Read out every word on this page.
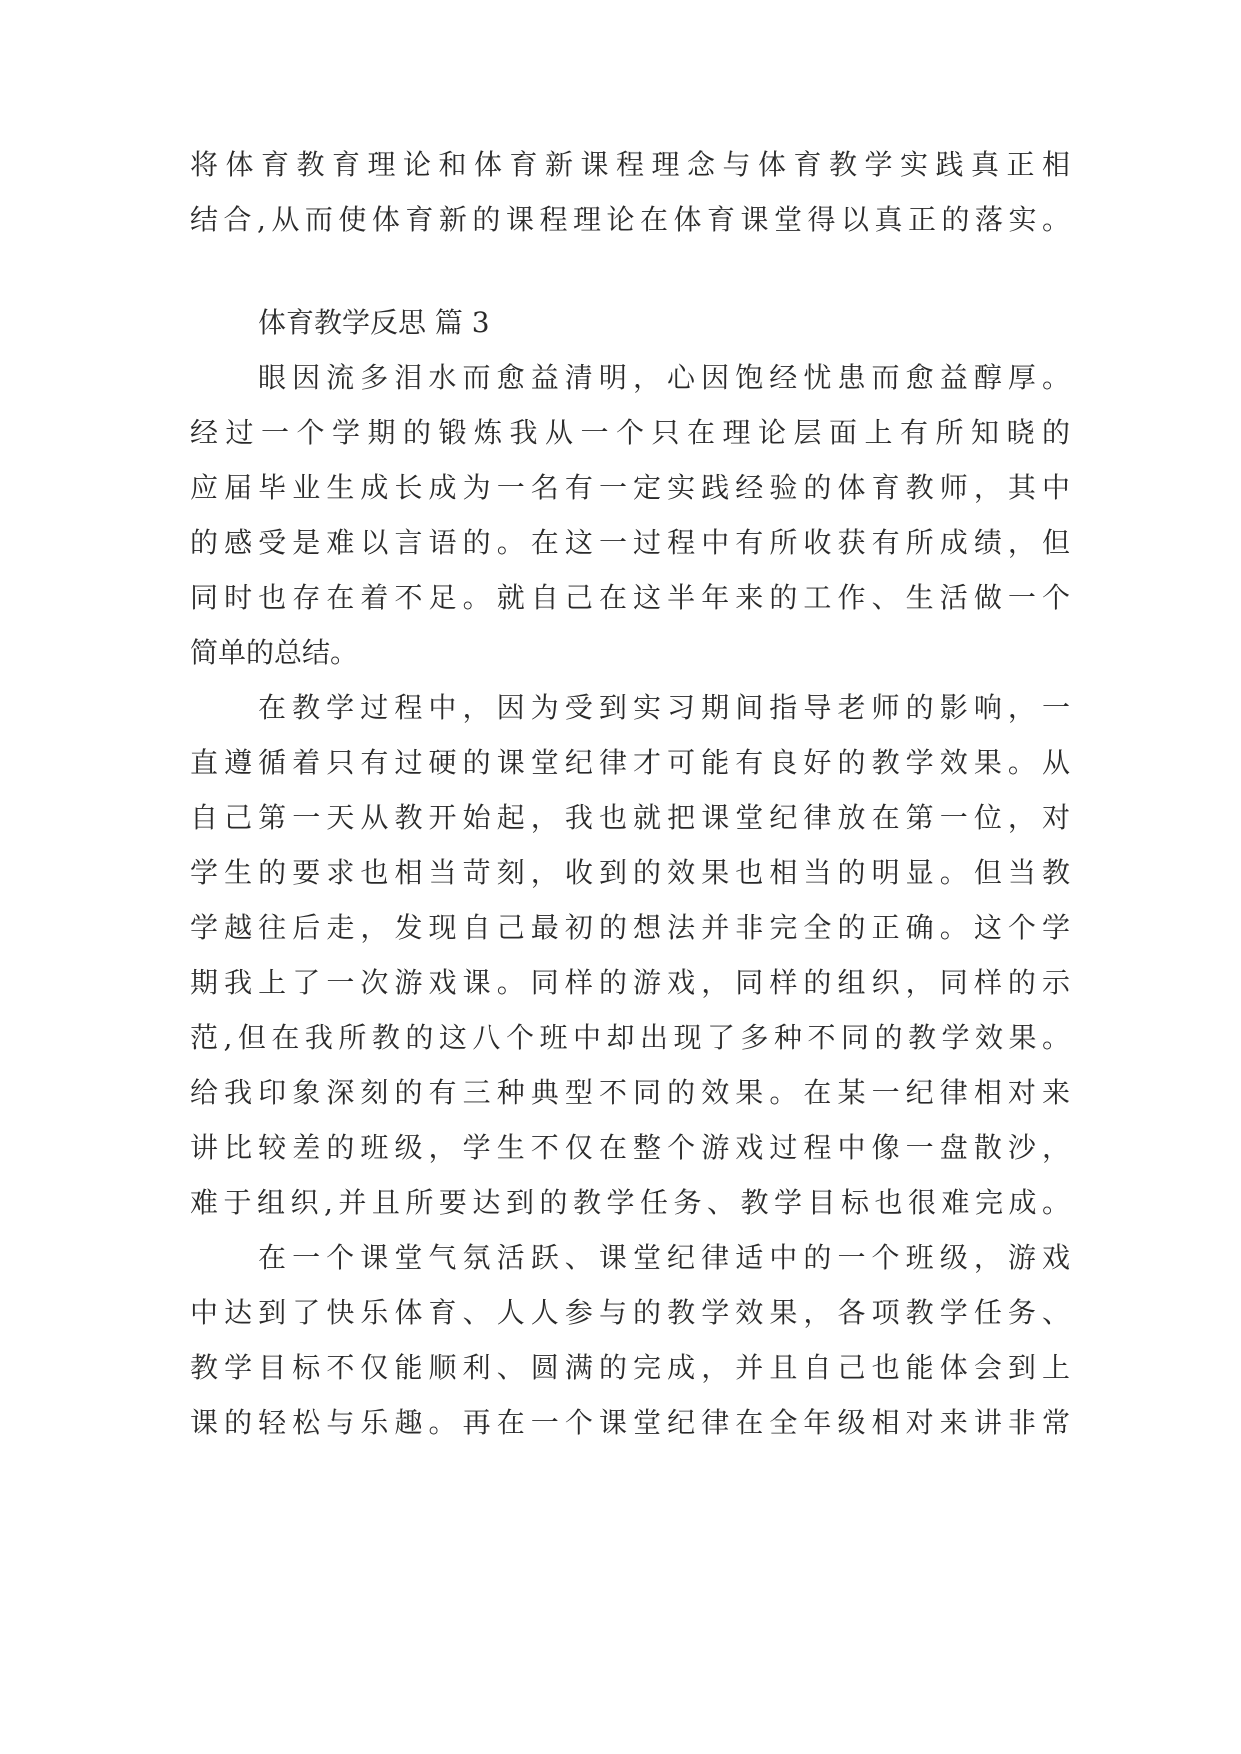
将体育教育理论和体育新课程理念与体育教学实践真正相
结合,从而使体育新的课程理论在体育课堂得以真正的落实。
体育教学反思 篇 3
眼因流多泪水而愈益清明，心因饱经忧患而愈益醇厚。
经过一个学期的锻炼我从一个只在理论层面上有所知晓的
应届毕业生成长成为一名有一定实践经验的体育教师，其中
的感受是难以言语的。在这一过程中有所收获有所成绩，但
同时也存在着不足。就自己在这半年来的工作、生活做一个
简单的总结。
在教学过程中，因为受到实习期间指导老师的影响，一
直遵循着只有过硬的课堂纪律才可能有良好的教学效果。从
自己第一天从教开始起，我也就把课堂纪律放在第一位，对
学生的要求也相当苛刻，收到的效果也相当的明显。但当教
学越往后走，发现自己最初的想法并非完全的正确。这个学
期我上了一次游戏课。同样的游戏，同样的组织，同样的示
范,但在我所教的这八个班中却出现了多种不同的教学效果。
给我印象深刻的有三种典型不同的效果。在某一纪律相对来
讲比较差的班级，学生不仅在整个游戏过程中像一盘散沙，
难于组织,并且所要达到的教学任务、教学目标也很难完成。
在一个课堂气氛活跃、课堂纪律适中的一个班级，游戏
中达到了快乐体育、人人参与的教学效果，各项教学任务、
教学目标不仅能顺利、圆满的完成，并且自己也能体会到上
课的轻松与乐趣。再在一个课堂纪律在全年级相对来讲非常
